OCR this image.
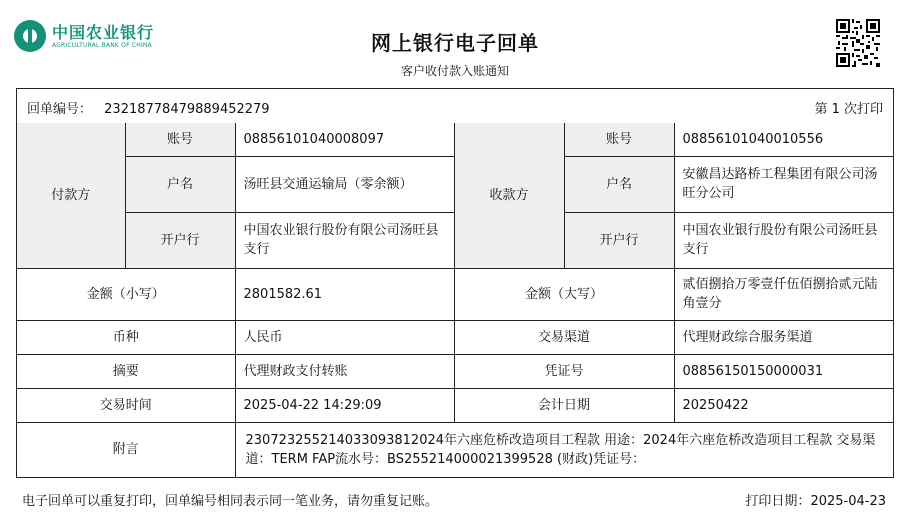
中国农业银行
AGRICULTURAL BANK OF CHINA	网上银行电子回单
客户收付款入账通知
回单编号： 23218778479889452279	第 1 次打印
付款方	账号	08856101040008097	收款方	账号	08856101040010556
	户名	汤旺县交通运输局（零余额）		户名	安徽昌达路桥工程集团有限公司汤旺分公司
	开户行	中国农业银行股份有限公司汤旺县支行		开户行	中国农业银行股份有限公司汤旺县支行
金额（小写）		2801582.61	金额（大写）		贰佰捌拾万零壹仟伍佰捌拾贰元陆角壹分
币种		人民币	交易渠道		代理财政综合服务渠道
摘要		代理财政支付转账	凭证号		08856150150000031
交易时间		2025-04-22 14:29:09	会计日期		20250422
附言		230723255214033093812024年六座危桥改造项目工程款 用途：2024年六座危桥改造项目工程款 交易渠道：TERM FAP流水号：BS255214000021399528 (财政)凭证号：			
电子回单可以重复打印，回单编号相同表示同一笔业务，请勿重复记账。	打印日期：2025-04-23
